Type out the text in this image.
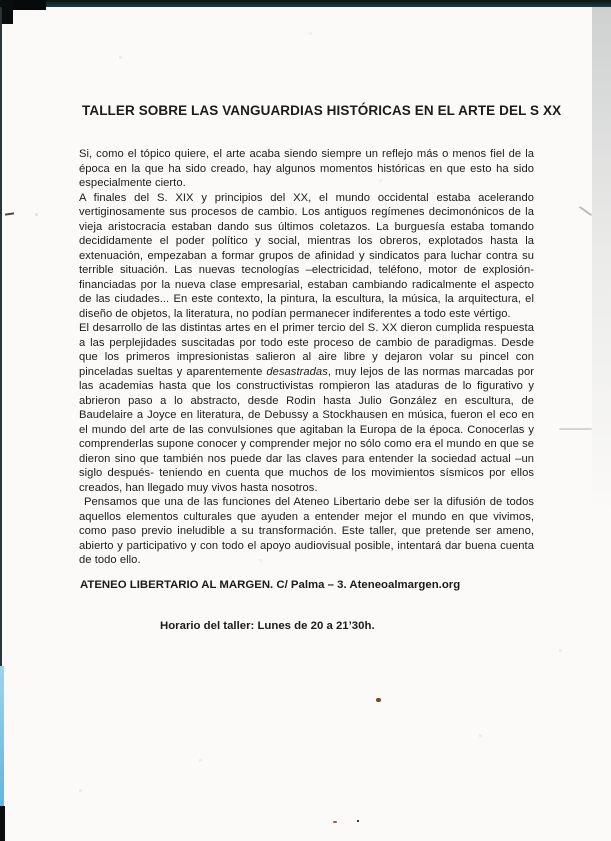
TALLER SOBRE LAS VANGUARDIAS HISTÓRICAS EN EL ARTE DEL S XX

Si, como el tópico quiere, el arte acaba siendo siempre un reflejo más o menos fiel de la época en la que ha sido creado, hay algunos momentos históricas en que esto ha sido especialmente cierto.

A finales del S. XIX y principios del XX, el mundo occidental estaba acelerando vertiginosamente sus procesos de cambio. Los antiguos regímenes decimonónicos de la vieja aristocracia estaban dando sus últimos coletazos. La burguesía estaba tomando decididamente el poder político y social, mientras los obreros, explotados hasta la extenuación, empezaban a formar grupos de afinidad y sindicatos para luchar contra su terrible situación. Las nuevas tecnologías –electricidad, teléfono, motor de explosión- financiadas por la nueva clase empresarial, estaban cambiando radicalmente el aspecto de las ciudades... En este contexto, la pintura, la escultura, la música, la arquitectura, el diseño de objetos, la literatura, no podían permanecer indiferentes a todo este vértigo.

El desarrollo de las distintas artes en el primer tercio del S. XX dieron cumplida respuesta a las perplejidades suscitadas por todo este proceso de cambio de paradigmas. Desde que los primeros impresionistas salieron al aire libre y dejaron volar su pincel con pinceladas sueltas y aparentemente desastradas, muy lejos de las normas marcadas por las academias hasta que los constructivistas rompieron las ataduras de lo figurativo y abrieron paso a lo abstracto, desde Rodin hasta Julio González en escultura, de Baudelaire a Joyce en literatura, de Debussy a Stockhausen en música, fueron el eco en el mundo del arte de las convulsiones que agitaban la Europa de la época. Conocerlas y comprenderlas supone conocer y comprender mejor no sólo como era el mundo en que se dieron sino que también nos puede dar las claves para entender la sociedad actual –un siglo después- teniendo en cuenta que muchos de los movimientos sísmicos por ellos creados, han llegado muy vivos hasta nosotros.

Pensamos que una de las funciones del Ateneo Libertario debe ser la difusión de todos aquellos elementos culturales que ayuden a entender mejor el mundo en que vivimos, como paso previo ineludible a su transformación. Este taller, que pretende ser ameno, abierto y participativo y con todo el apoyo audiovisual posible, intentará dar buena cuenta de todo ello.

ATENEO LIBERTARIO AL MARGEN. C/ Palma – 3. Ateneoalmargen.org

Horario del taller: Lunes de 20 a 21’30h.
